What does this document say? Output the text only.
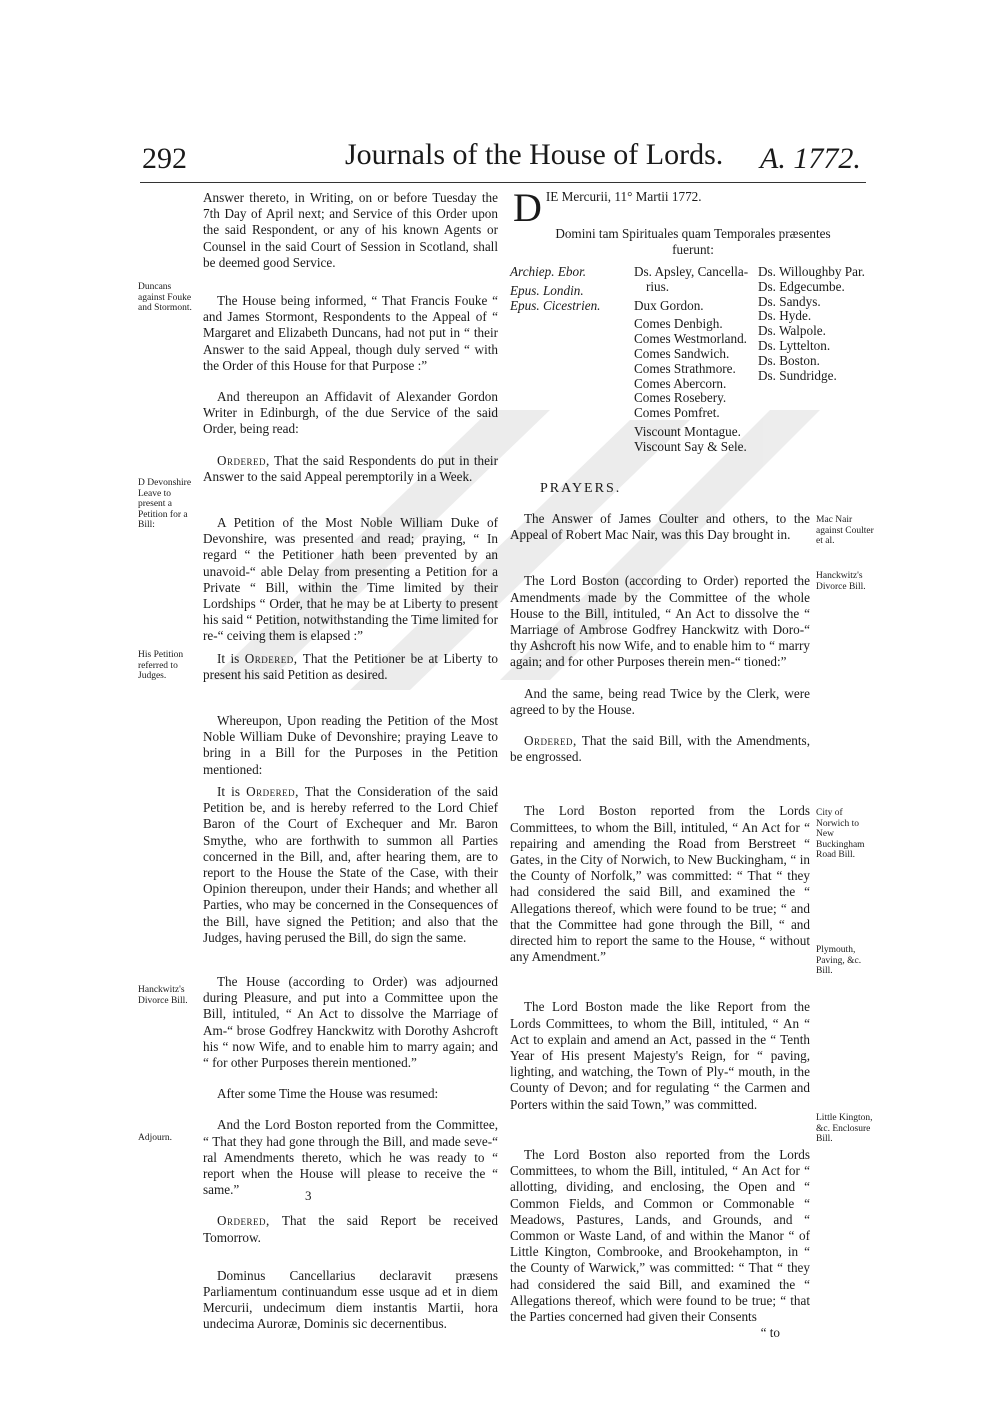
292	Journals of the House of Lords. A. 1772.

Answer thereto, in Writing, on or before Tuesday the 7th Day of April next; and Service of this Order upon the said Respondent, or any of his known Agents or Counsel in the said Court of Session in Scotland, shall be deemed good Service.

The House being informed, “ That Francis Fouke “ and James Stormont, Respondents to the Appeal of “ Margaret and Elizabeth Duncans, had not put in “ their Answer to the said Appeal, though duly served “ with the Order of this House for that Purpose :”

And thereupon an Affidavit of Alexander Gordon Writer in Edinburgh, of the due Service of the said Order, being read:

Ordered, That the said Respondents do put in their Answer to the said Appeal peremptorily in a Week.

A Petition of the Most Noble William Duke of Devonshire, was presented and read; praying, “ In regard “ the Petitioner hath been prevented by an unavoid-“ able Delay from presenting a Petition for a Private “ Bill, within the Time limited by their Lordships “ Order, that he may be at Liberty to present his said “ Petition, notwithstanding the Time limited for re-“ ceiving them is elapsed :”

It is Ordered, That the Petitioner be at Liberty to present his said Petition as desired.

Whereupon, Upon reading the Petition of the Most Noble William Duke of Devonshire; praying Leave to bring in a Bill for the Purposes in the Petition mentioned:

It is Ordered, That the Consideration of the said Petition be, and is hereby referred to the Lord Chief Baron of the Court of Exchequer and Mr. Baron Smythe, who are forthwith to summon all Parties concerned in the Bill, and, after hearing them, are to report to the House the State of the Case, with their Opinion thereupon, under their Hands; and whether all Parties, who may be concerned in the Consequences of the Bill, have signed the Petition; and also that the Judges, having perused the Bill, do sign the same.

The House (according to Order) was adjourned during Pleasure, and put into a Committee upon the Bill, intituled, “ An Act to dissolve the Marriage of Am-“ brose Godfrey Hanckwitz with Dorothy Ashcroft his “ now Wife, and to enable him to marry again; and “ for other Purposes therein mentioned.”

After some Time the House was resumed:

And the Lord Boston reported from the Committee, “ That they had gone through the Bill, and made seve-“ ral Amendments thereto, which he was ready to “ report when the House will please to receive the “ same.”

Ordered, That the said Report be received Tomorrow.

Dominus Cancellarius declaravit præsens Parliamentum continuandum esse usque ad et in diem Mercurii, undecimum diem instantis Martii, hora undecima Auroræ, Dominis sic decernentibus.

3
Duncans against Fouke and Stormont.
D Devonshire Leave to present a Petition for a Bill:
His Petition referred to Judges.
Hanckwitz's Divorce Bill.
Adjourn.
D IE Mercurii, 11° Martii 1772.
Domini tam Spirituales quam Temporales præsentes
fuerunt:
Archiep. Ebor.
Epus. Londin.
Epus. Cicestrien.
Ds. Apsley, Cancella-
rius.
Dux Gordon.
Comes Denbigh.
Comes Westmorland.
Comes Sandwich.
Comes Strathmore.
Comes Abercorn.
Comes Rosebery.
Comes Pomfret.
Viscount Montague.
Viscount Say & Sele.
Ds. Willoughby Par.
Ds. Edgecumbe.
Ds. Sandys.
Ds. Hyde.
Ds. Walpole.
Ds. Lyttelton.
Ds. Boston.
Ds. Sundridge.
PRAYERS.

The Answer of James Coulter and others, to the Appeal of Robert Mac Nair, was this Day brought in.

The Lord Boston (according to Order) reported the Amendments made by the Committee of the whole House to the Bill, intituled, “ An Act to dissolve the “ Marriage of Ambrose Godfrey Hanckwitz with Doro-“ thy Ashcroft his now Wife, and to enable him to “ marry again; and for other Purposes therein men-“ tioned:”

And the same, being read Twice by the Clerk, were agreed to by the House.

Ordered, That the said Bill, with the Amendments, be engrossed.

The Lord Boston reported from the Lords Committees, to whom the Bill, intituled, “ An Act for “ repairing and amending the Road from Berstreet “ Gates, in the City of Norwich, to New Buckingham, “ in the County of Norfolk,” was committed: “ That “ they had considered the said Bill, and examined the “ Allegations thereof, which were found to be true; “ and that the Committee had gone through the Bill, “ and directed him to report the same to the House, “ without any Amendment.”

The Lord Boston made the like Report from the Lords Committees, to whom the Bill, intituled, “ An “ Act to explain and amend an Act, passed in the “ Tenth Year of His present Majesty's Reign, for “ paving, lighting, and watching, the Town of Ply-“ mouth, in the County of Devon; and for regulating “ the Carmen and Porters within the said Town,” was committed.

The Lord Boston also reported from the Lords Committees, to whom the Bill, intituled, “ An Act for “ allotting, dividing, and enclosing, the Open and “ Common Fields, and Common or Commonable “ Meadows, Pastures, Lands, and Grounds, and “ Common or Waste Land, of and within the Manor “ of Little Kington, Combrooke, and Brookehampton, in “ the County of Warwick,” was committed: “ That “ they had considered the said Bill, and examined the “ Allegations thereof, which were found to be true; “ that the Parties concerned had given their Consents

“ to
Mac Nair against Coulter et al.
Hanckwitz's Divorce Bill.
City of Norwich to New Buckingham Road Bill.
Plymouth, Paving, &c. Bill.
Little Kington, &c. Enclosure Bill.
